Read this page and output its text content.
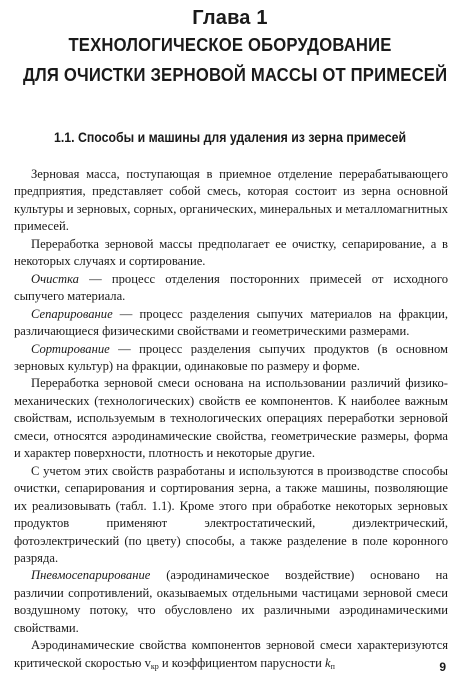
Глава 1
ТЕХНОЛОГИЧЕСКОЕ ОБОРУДОВАНИЕ
ДЛЯ ОЧИСТКИ ЗЕРНОВОЙ МАССЫ ОТ ПРИМЕСЕЙ
1.1. Способы и машины для удаления из зерна примесей

Зерновая масса, поступающая в приемное отделение перерабатывающего предприятия, представляет собой смесь, которая состоит из зерна основной культуры и зерновых, сорных, органических, минеральных и металломагнитных примесей.

Переработка зерновой массы предполагает ее очистку, сепарирование, а в некоторых случаях и сортирование.

Очистка — процесс отделения посторонних примесей от исходного сыпучего материала.

Сепарирование — процесс разделения сыпучих материалов на фракции, различающиеся физическими свойствами и геометрическими размерами.

Сортирование — процесс разделения сыпучих продуктов (в основном зерновых культур) на фракции, одинаковые по размеру и форме.

Переработка зерновой смеси основана на использовании различий физико-механических (технологических) свойств ее компонентов. К наиболее важным свойствам, используемым в технологических операциях переработки зерновой смеси, относятся аэродинамические свойства, геометрические размеры, форма и характер поверхности, плотность и некоторые другие.

С учетом этих свойств разработаны и используются в производстве способы очистки, сепарирования и сортирования зерна, а также машины, позволяющие их реализовывать (табл. 1.1). Кроме этого при обработке некоторых зерновых продуктов применяют электростатический, диэлектрический, фотоэлектрический (по цвету) способы, а также разделение в поле коронного разряда.

Пневмосепарирование (аэродинамическое воздействие) основано на различии сопротивлений, оказываемых отдельными частицами зерновой смеси воздушному потоку, что обусловлено их различными аэродинамическими свойствами.

Аэродинамические свойства компонентов зерновой смеси характеризуются критической скоростью $v_{кр}$ и коэффициентом парусности $k_п$	9
